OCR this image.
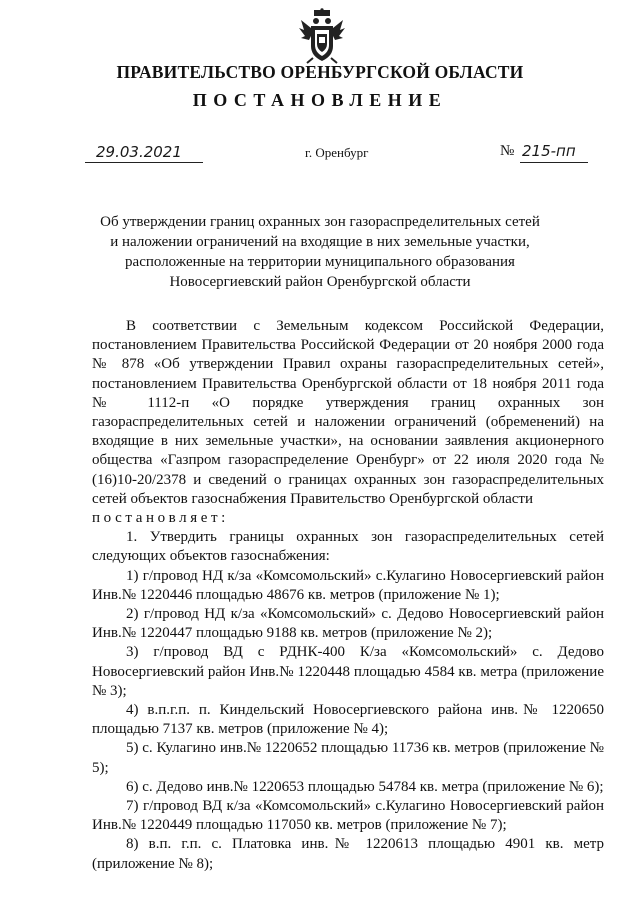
ПРАВИТЕЛЬСТВО ОРЕНБУРГСКОЙ ОБЛАСТИ
ПОСТАНОВЛЕНИЕ
29.03.2021	г. Оренбург	№ 215-пп
Об утверждении границ охранных зон газораспределительных сетей
и наложении ограничений на входящие в них земельные участки,
расположенные на территории муниципального образования
Новосергиевский район Оренбургской области

В соответствии с Земельным кодексом Российской Федерации, постановлением Правительства Российской Федерации от 20 ноября 2000 года № 878 «Об утверждении Правил охраны газораспределительных сетей», постановлением Правительства Оренбургской области от 18 ноября 2011 года № 1112-п «О порядке утверждения границ охранных зон газораспределительных сетей и наложении ограничений (обременений) на входящие в них земельные участки», на основании заявления акционерного общества «Газпром газораспределение Оренбург» от 22 июля 2020 года № (16)10-20/2378 и сведений о границах охранных зон газораспределительных сетей объектов газоснабжения Правительство Оренбургской области

постановляет:

1. Утвердить границы охранных зон газораспределительных сетей следующих объектов газоснабжения:

1) г/провод НД к/за «Комсомольский» с.Кулагино Новосергиевский район Инв.№ 1220446 площадью 48676 кв. метров (приложение № 1);

2) г/провод НД к/за «Комсомольский» с. Дедово Новосергиевский район Инв.№ 1220447 площадью 9188 кв. метров (приложение № 2);

3) г/провод ВД с РДНК-400 К/за «Комсомольский» с. Дедово Новосергиевский район Инв.№ 1220448 площадью 4584 кв. метра (приложение № 3);

4) в.п.г.п. п. Киндельский Новосергиевского района инв.№ 1220650 площадью 7137 кв. метров (приложение № 4);

5) с. Кулагино инв.№ 1220652 площадью 11736 кв. метров (приложение № 5);

6) с. Дедово инв.№ 1220653 площадью 54784 кв. метра (приложение № 6);

7) г/провод ВД к/за «Комсомольский» с.Кулагино Новосергиевский район Инв.№ 1220449 площадью 117050 кв. метров (приложение № 7);

8) в.п. г.п. с. Платовка инв.№ 1220613 площадью 4901 кв. метр (приложение № 8);
